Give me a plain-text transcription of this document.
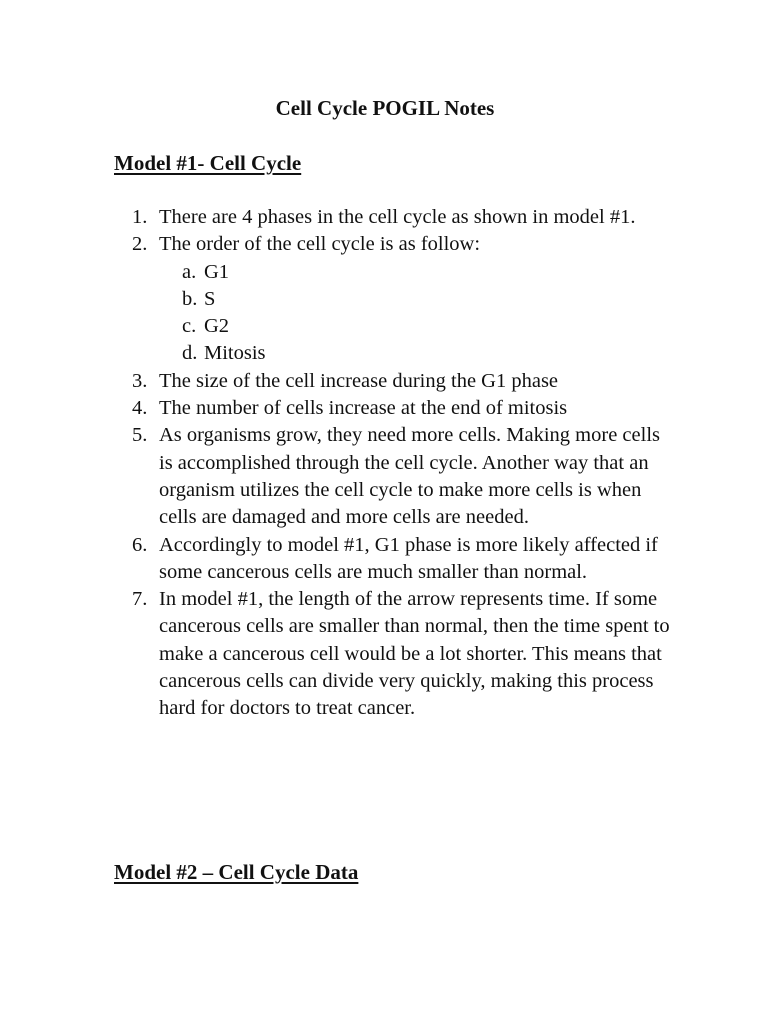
Cell Cycle POGIL Notes
Model #1- Cell Cycle
1. There are 4 phases in the cell cycle as shown in model #1.
2. The order of the cell cycle is as follow:
a. G1
b. S
c. G2
d. Mitosis
3. The size of the cell increase during the G1 phase
4. The number of cells increase at the end of mitosis
5. As organisms grow, they need more cells. Making more cells is accomplished through the cell cycle. Another way that an organism utilizes the cell cycle to make more cells is when cells are damaged and more cells are needed.
6. Accordingly to model #1, G1 phase is more likely affected if some cancerous cells are much smaller than normal.
7. In model #1, the length of the arrow represents time. If some cancerous cells are smaller than normal, then the time spent to make a cancerous cell would be a lot shorter. This means that cancerous cells can divide very quickly, making this process hard for doctors to treat cancer.
Model #2 – Cell Cycle Data
